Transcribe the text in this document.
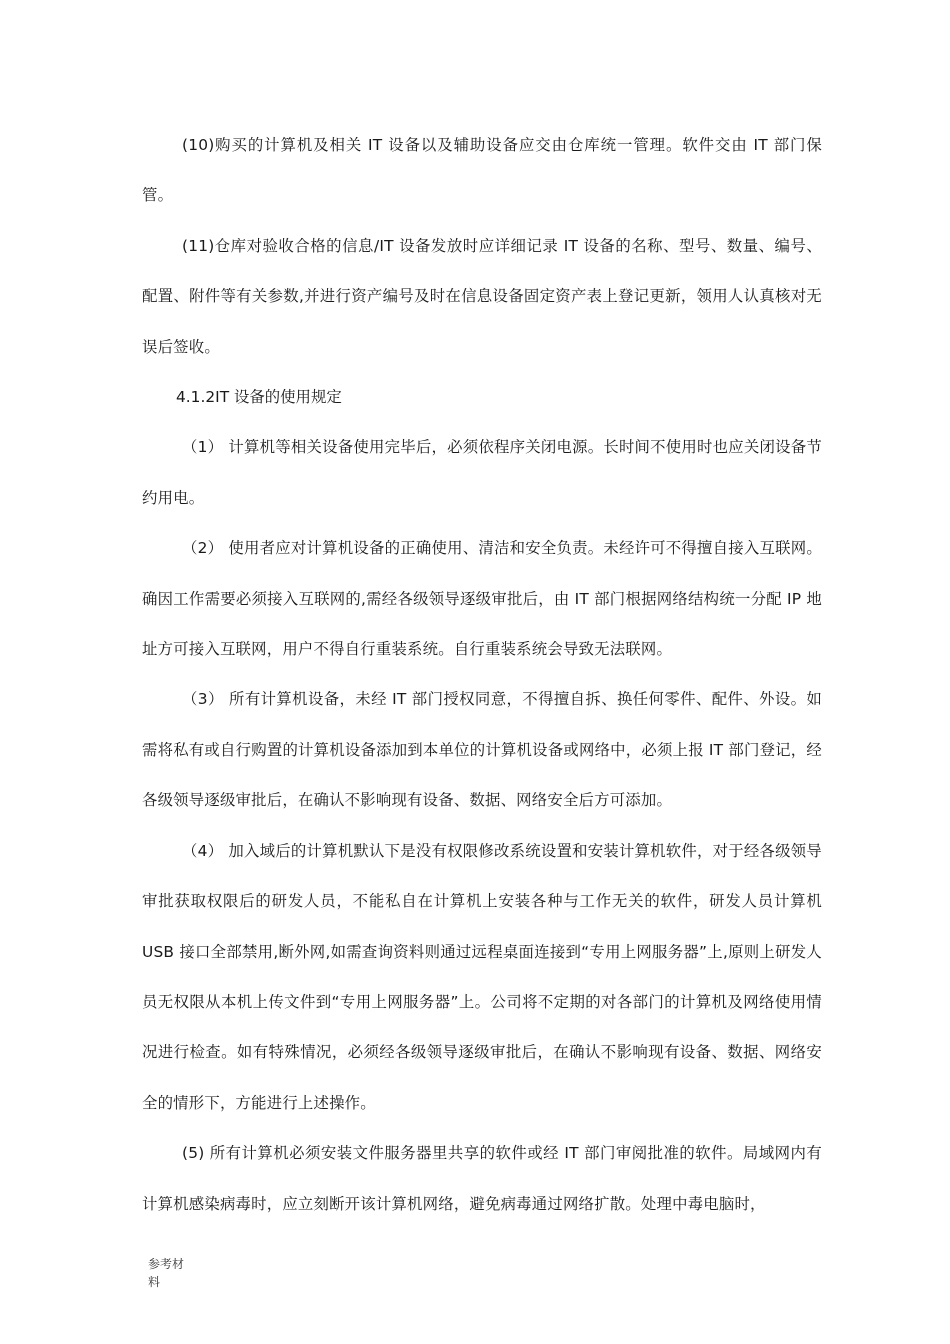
(10)购买的计算机及相关 IT 设备以及辅助设备应交由仓库统一管理。软件交由 IT 部门保管。

(11)仓库对验收合格的信息/IT 设备发放时应详细记录 IT 设备的名称、型号、数量、编号、配置、附件等有关参数,并进行资产编号及时在信息设备固定资产表上登记更新，领用人认真核对无误后签收。

4.1.2IT 设备的使用规定

（1） 计算机等相关设备使用完毕后，必须依程序关闭电源。长时间不使用时也应关闭设备节约用电。

（2） 使用者应对计算机设备的正确使用、清洁和安全负责。未经许可不得擅自接入互联网。确因工作需要必须接入互联网的,需经各级领导逐级审批后，由 IT 部门根据网络结构统一分配 IP 地址方可接入互联网，用户不得自行重装系统。自行重装系统会导致无法联网。

（3） 所有计算机设备，未经 IT 部门授权同意，不得擅自拆、换任何零件、配件、外设。如需将私有或自行购置的计算机设备添加到本单位的计算机设备或网络中，必须上报 IT 部门登记，经各级领导逐级审批后，在确认不影响现有设备、数据、网络安全后方可添加。

（4） 加入域后的计算机默认下是没有权限修改系统设置和安装计算机软件，对于经各级领导审批获取权限后的研发人员，不能私自在计算机上安装各种与工作无关的软件，研发人员计算机 USB 接口全部禁用,断外网,如需查询资料则通过远程桌面连接到“专用上网服务器”上,原则上研发人员无权限从本机上传文件到“专用上网服务器”上。公司将不定期的对各部门的计算机及网络使用情况进行检查。如有特殊情况，必须经各级领导逐级审批后，在确认不影响现有设备、数据、网络安全的情形下，方能进行上述操作。

(5) 所有计算机必须安装文件服务器里共享的软件或经 IT 部门审阅批准的软件。局域网内有计算机感染病毒时，应立刻断开该计算机网络，避免病毒通过网络扩散。处理中毒电脑时，

参考材
料
